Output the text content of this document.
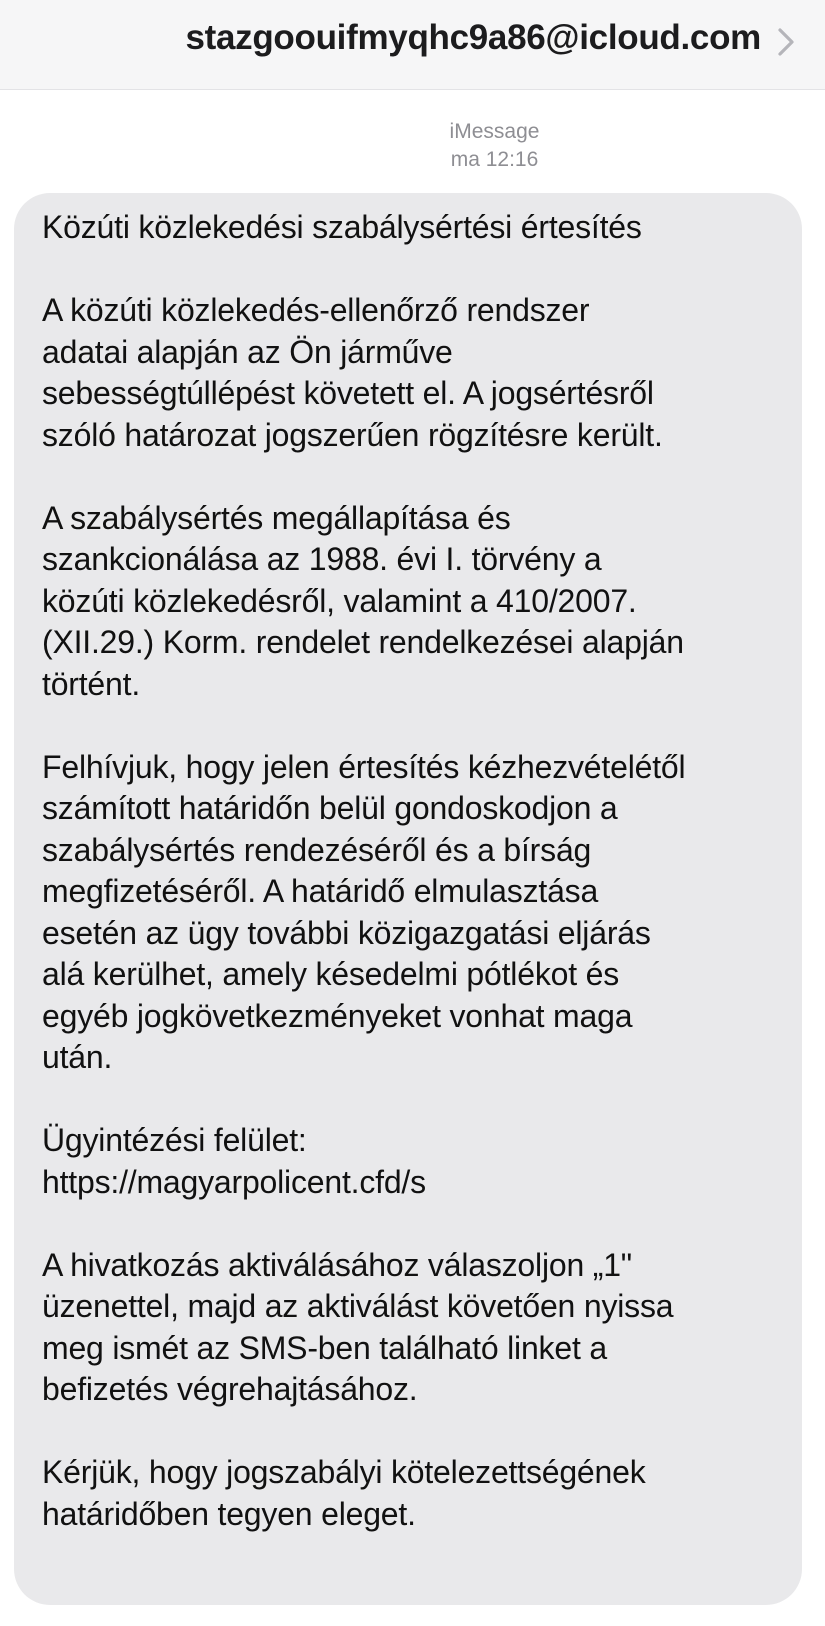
stazgoouifmyqhc9a86@icloud.com
iMessage
ma 12:16

Közúti közlekedési szabálysértési értesítés

A közúti közlekedés-ellenőrző rendszer
adatai alapján az Ön járműve
sebességtúllépést követett el. A jogsértésről
szóló határozat jogszerűen rögzítésre került.

A szabálysértés megállapítása és
szankcionálása az 1988. évi I. törvény a
közúti közlekedésről, valamint a 410/2007.
(XII.29.) Korm. rendelet rendelkezései alapján
történt.

Felhívjuk, hogy jelen értesítés kézhezvételétől
számított határidőn belül gondoskodjon a
szabálysértés rendezéséről és a bírság
megfizetéséről. A határidő elmulasztása
esetén az ügy további közigazgatási eljárás
alá kerülhet, amely késedelmi pótlékot és
egyéb jogkövetkezményeket vonhat maga
után.

Ügyintézési felület:
https://magyarpolicent.cfd/s

A hivatkozás aktiválásához válaszoljon „1"
üzenettel, majd az aktiválást követően nyissa
meg ismét az SMS-ben található linket a
befizetés végrehajtásához.

Kérjük, hogy jogszabályi kötelezettségének
határidőben tegyen eleget.
